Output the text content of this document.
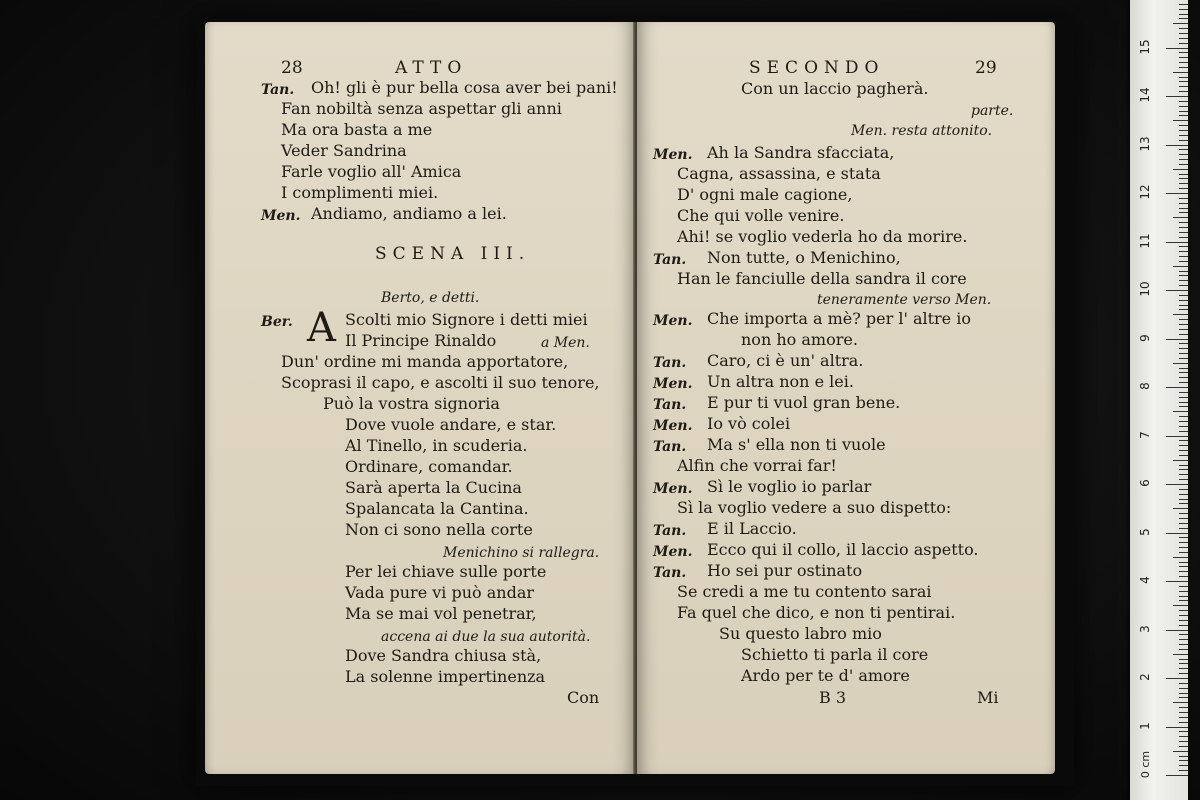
28	ATTO
Tan. Oh! gli è pur bella cosa aver bei pani!
Fan nobiltà senza aspettar gli anni
Ma ora basta a me
Veder Sandrina
Farle voglio all' Amica
I complimenti miei.
Men. Andiamo, andiamo a lei.
SCENA III.
Berto, e detti.
Ber. A Scolti mio Signore i detti miei
Il Principe Rinaldo	a Men.
Dun' ordine mi manda apportatore,
Scoprasi il capo, e ascolti il suo tenore,
Può la vostra signoria
Dove vuole andare, e star.
Al Tinello, in scuderia.
Ordinare, comandar.
Sarà aperta la Cucina
Spalancata la Cantina.
Non ci sono nella corte
Menichino si rallegra.
Per lei chiave sulle porte
Vada pure vi può andar
Ma se mai vol penetrar,
accena ai due la sua autorità.
Dove Sandra chiusa stà,
La solenne impertinenza
Con
SECONDO	29
Con un laccio pagherà.
parte.
Men. resta attonito.
Men. Ah la Sandra sfacciata,
Cagna, assassina, e stata
D' ogni male cagione,
Che qui volle venire.
Ahi! se voglio vederla ho da morire.
Tan. Non tutte, o Menichino,
Han le fanciulle della sandra il core
teneramente verso Men.
Men. Che importa a mè? per l' altre io
non ho amore.
Tan. Caro, ci è un' altra.
Men. Un altra non e lei.
Tan. E pur ti vuol gran bene.
Men. Io vò colei
Tan. Ma s' ella non ti vuole
Alfin che vorrai far!
Men. Sì le voglio io parlar
Sì la voglio vedere a suo dispetto:
Tan. E il Laccio.
Men. Ecco qui il collo, il laccio aspetto.
Tan. Ho sei pur ostinato
Se credi a me tu contento sarai
Fa quel che dico, e non ti pentirai.
Su questo labro mio
Schietto ti parla il core
Ardo per te d' amore
B 3	Mi
0 cm
1
2
3
4
5
6
7
8
9
10
11
12
13
14
15
